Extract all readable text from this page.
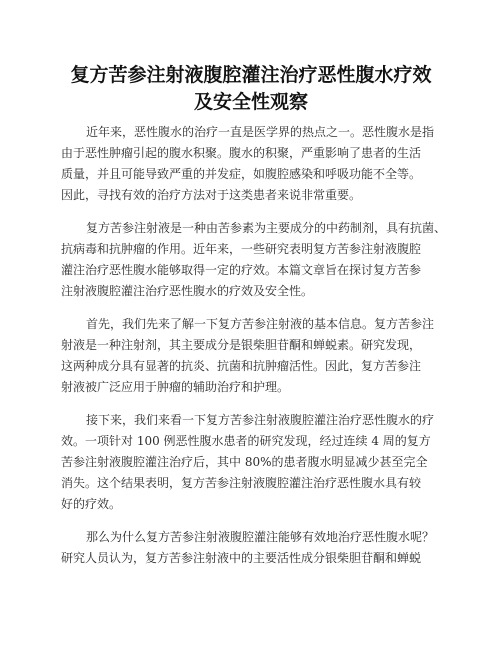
复方苦参注射液腹腔灌注治疗恶性腹水疗效
及安全性观察
近年来，恶性腹水的治疗一直是医学界的热点之一。恶性腹水是指
由于恶性肿瘤引起的腹水积聚。腹水的积聚，严重影响了患者的生活
质量，并且可能导致严重的并发症，如腹腔感染和呼吸功能不全等。
因此，寻找有效的治疗方法对于这类患者来说非常重要。
复方苦参注射液是一种由苦参素为主要成分的中药制剂，具有抗菌、
抗病毒和抗肿瘤的作用。近年来，一些研究表明复方苦参注射液腹腔
灌注治疗恶性腹水能够取得一定的疗效。本篇文章旨在探讨复方苦参
注射液腹腔灌注治疗恶性腹水的疗效及安全性。
首先，我们先来了解一下复方苦参注射液的基本信息。复方苦参注
射液是一种注射剂，其主要成分是银柴胆苷酮和蝉蜕素。研究发现，
这两种成分具有显著的抗炎、抗菌和抗肿瘤活性。因此，复方苦参注
射液被广泛应用于肿瘤的辅助治疗和护理。
接下来，我们来看一下复方苦参注射液腹腔灌注治疗恶性腹水的疗
效。一项针对 100 例恶性腹水患者的研究发现，经过连续 4 周的复方
苦参注射液腹腔灌注治疗后，其中 80%的患者腹水明显减少甚至完全
消失。这个结果表明，复方苦参注射液腹腔灌注治疗恶性腹水具有较
好的疗效。
那么为什么复方苦参注射液腹腔灌注能够有效地治疗恶性腹水呢？
研究人员认为，复方苦参注射液中的主要活性成分银柴胆苷酮和蝉蜕
